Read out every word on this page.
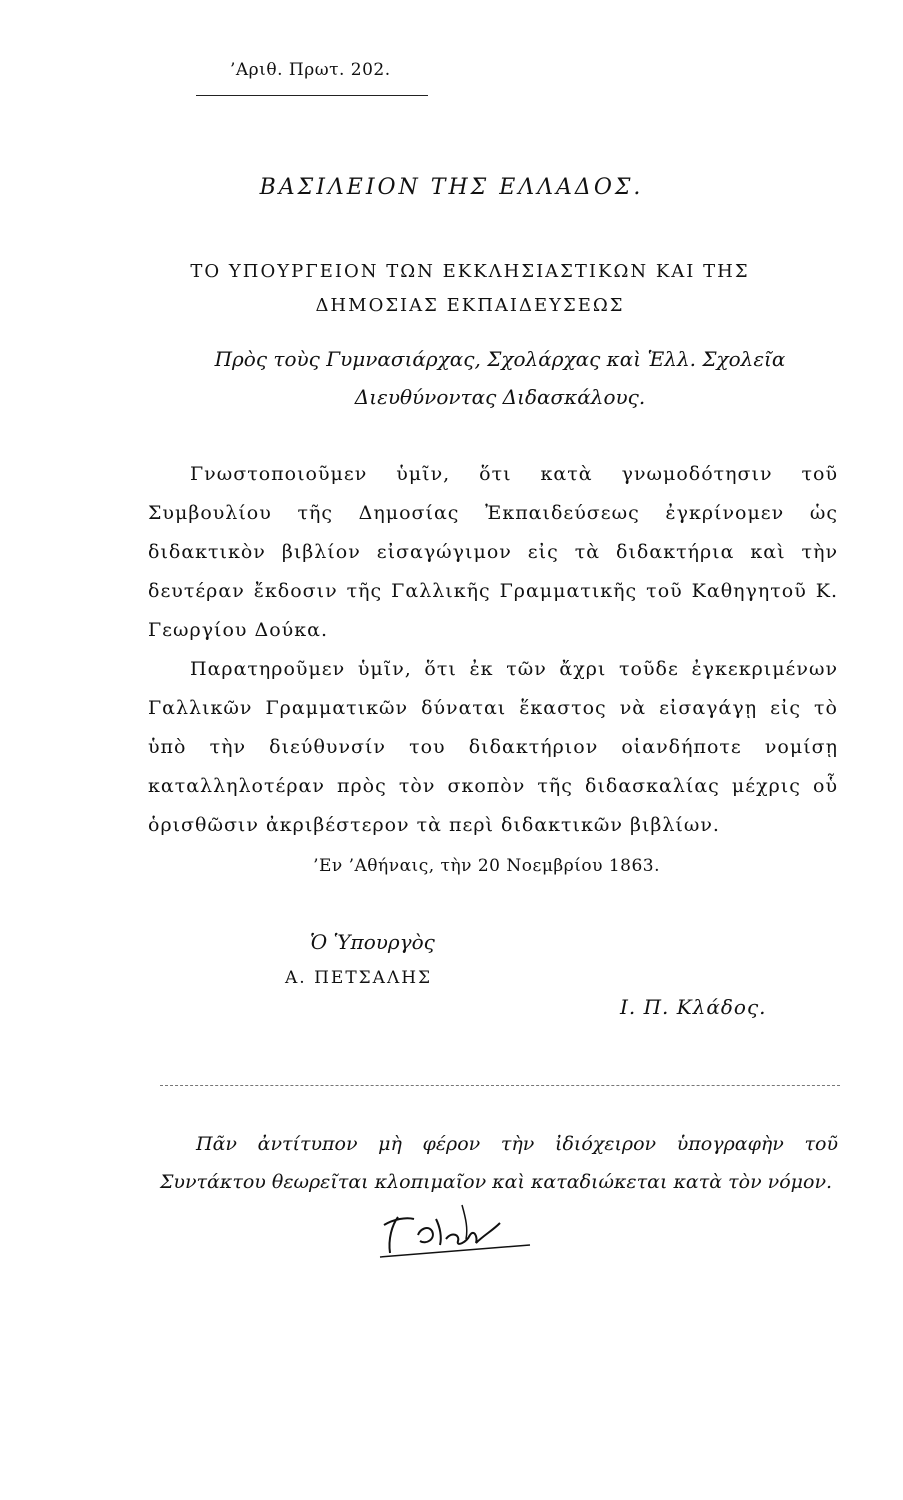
’Αριθ. Πρωτ. 202.
ΒΑΣΙΛΕΙΟΝ ΤΗΣ ΕΛΛΑΔΟΣ.
ΤΟ ΥΠΟΥΡΓΕΙΟΝ ΤΩΝ ΕΚΚΛΗΣΙΑΣΤΙΚΩΝ ΚΑΙ ΤΗΣ
ΔΗΜΟΣΙΑΣ ΕΚΠΑΙΔΕΥΣΕΩΣ
Πρὸς τοὺς Γυμνασιάρχας, Σχολάρχας καὶ Ἑλλ. Σχολεῖα
Διευθύνοντας Διδασκάλους.

Γνωστοποιοῦμεν ὑμῖν, ὅτι κατὰ γνωμοδότησιν τοῦ Συμβουλίου τῆς Δημοσίας Ἐκπαιδεύσεως ἐγκρίνομεν ὡς διδακτικὸν βιβλίον εἰσαγώγιμον εἰς τὰ διδακτήρια καὶ τὴν δευτέραν ἔκδοσιν τῆς Γαλλικῆς Γραμματικῆς τοῦ Καθηγητοῦ Κ. Γεωργίου Δούκα.

Παρατηροῦμεν ὑμῖν, ὅτι ἐκ τῶν ἄχρι τοῦδε ἐγκεκριμένων Γαλλικῶν Γραμματικῶν δύναται ἕκαστος νὰ εἰσαγάγῃ εἰς τὸ ὑπὸ τὴν διεύθυνσίν του διδακτήριον οἱανδήποτε νομίσῃ καταλληλοτέραν πρὸς τὸν σκοπὸν τῆς διδασκαλίας μέχρις οὗ ὁρισθῶσιν ἀκριβέστερον τὰ περὶ διδακτικῶν βιβλίων.

’Εν ’Αθήναις, τὴν 20 Νοεμβρίου 1863.
Ὁ Ὑπουργὸς
Α. ΠΕΤΣΑΛΗΣ
Ι. Π. Κλάδος.

Πᾶν ἀντίτυπον μὴ φέρον τὴν ἰδιόχειρον ὑπογραφὴν τοῦ Συντάκτου θεωρεῖται κλοπιμαῖον καὶ καταδιώκεται κατὰ τὸν νόμον.
